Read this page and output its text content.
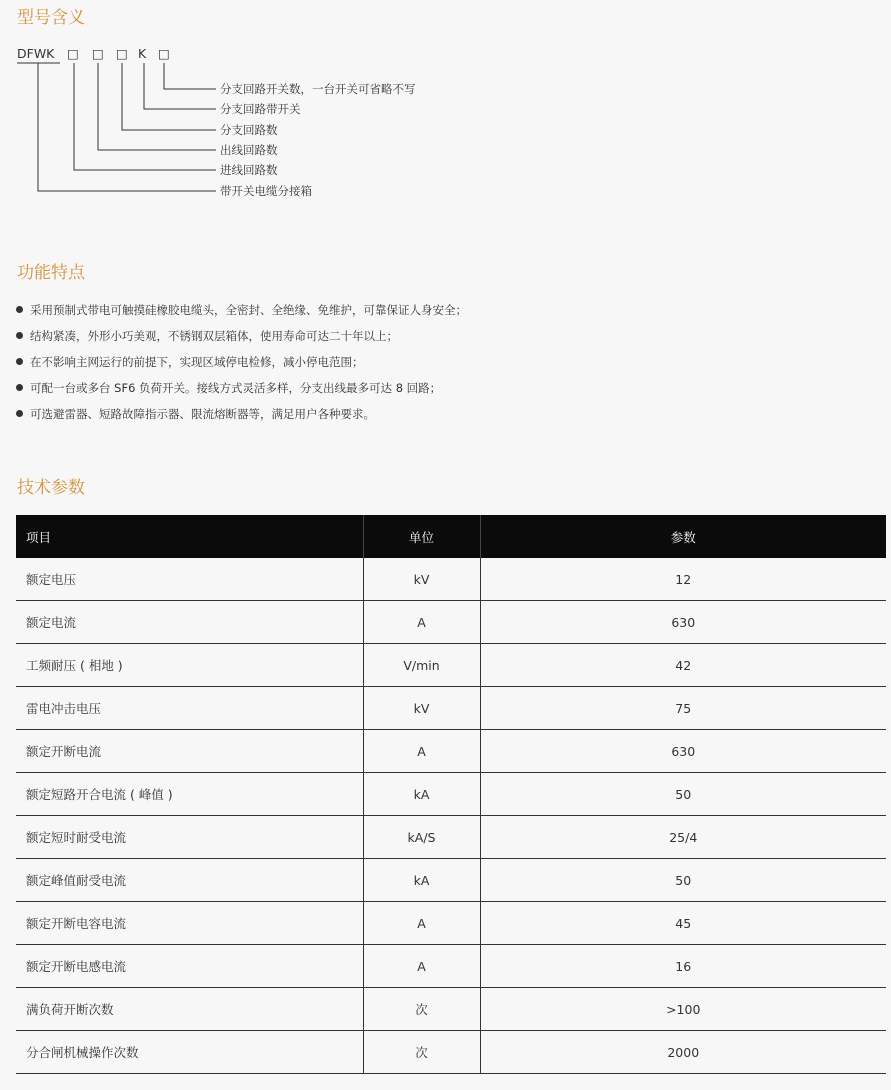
型号含义
DFWK □ □ □ K □
分支回路开关数，一台开关可省略不写
分支回路带开关
分支回路数
出线回路数
进线回路数
带开关电缆分接箱
功能特点
采用预制式带电可触摸硅橡胶电缆头，全密封、全绝缘、免维护，可靠保证人身安全；
结构紧凑，外形小巧美观，不锈钢双层箱体，使用寿命可达二十年以上；
在不影响主网运行的前提下，实现区域停电检修，减小停电范围；
可配一台或多台 SF6 负荷开关。接线方式灵活多样，分支出线最多可达 8 回路；
可选避雷器、短路故障指示器、限流熔断器等，满足用户各种要求。
技术参数
项目	单位	参数
额定电压	kV	12
额定电流	A	630
工频耐压 ( 相地 )	V/min	42
雷电冲击电压	kV	75
额定开断电流	A	630
额定短路开合电流 ( 峰值 )	kA	50
额定短时耐受电流	kA/S	25/4
额定峰值耐受电流	kA	50
额定开断电容电流	A	45
额定开断电感电流	A	16
满负荷开断次数	次	>100
分合闸机械操作次数	次	2000
